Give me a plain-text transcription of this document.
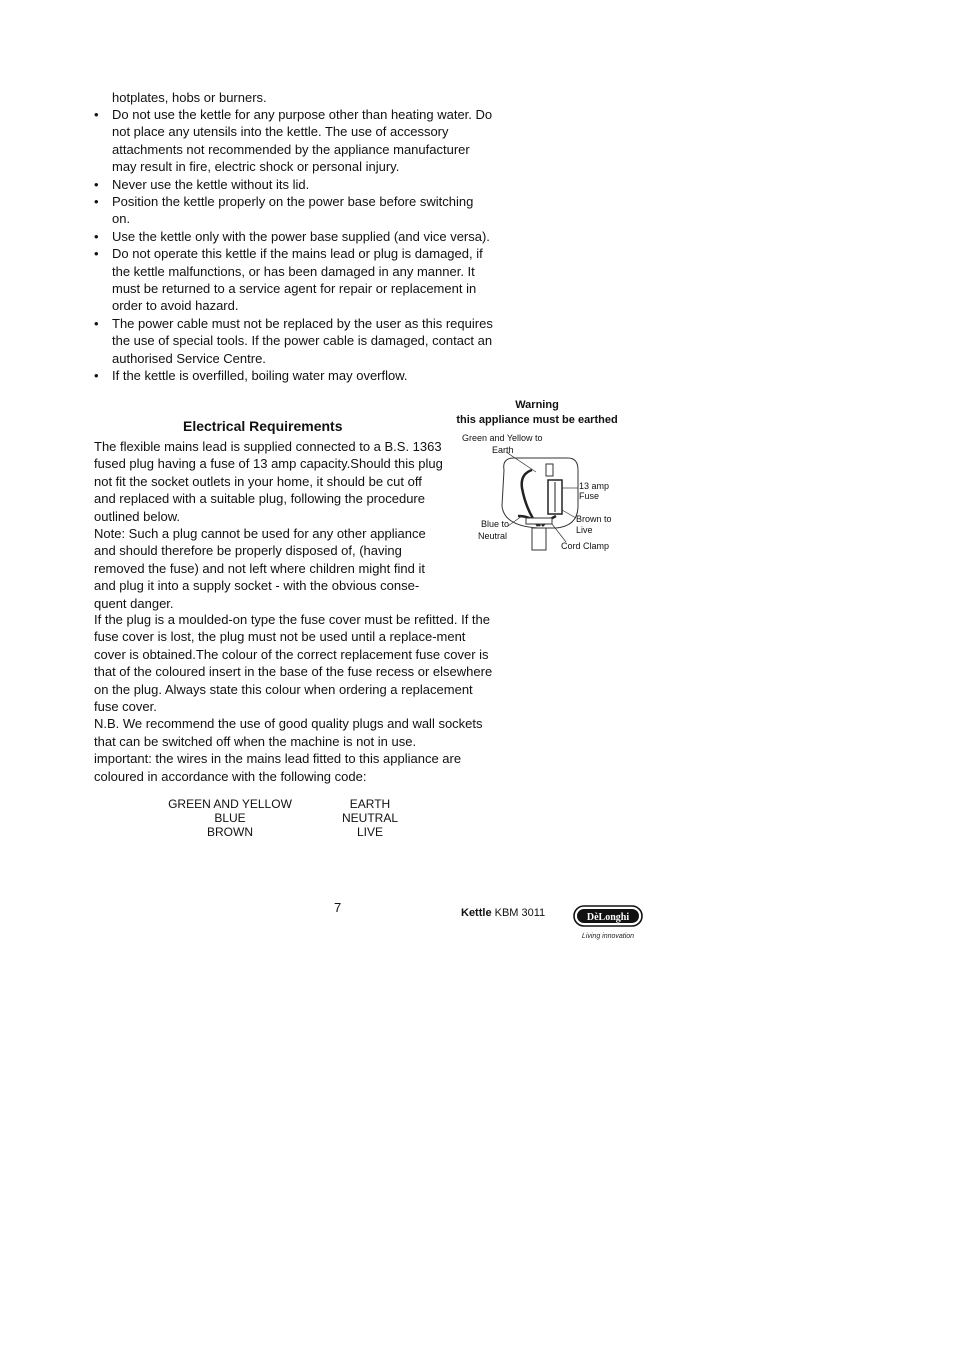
hotplates, hobs or burners.
• Do not use the kettle for any purpose other than heating water. Do not place any utensils into the kettle. The use of accessory attachments not recommended by the appliance manufacturer may result in fire, electric shock or personal injury.
• Never use the kettle without its lid.
• Position the kettle properly on the power base before switching on.
• Use the kettle only with the power base supplied (and vice versa).
• Do not operate this kettle if the mains lead or plug is damaged, if the kettle malfunctions, or has been damaged in any manner. It must be returned to a service agent for repair or replacement in order to avoid hazard.
• The power cable must not be replaced by the user as this requires the use of special tools. If the power cable is damaged, contact an authorised Service Centre.
• If the kettle is overfilled, boiling water may overflow.
Electrical Requirements

The flexible mains lead is supplied connected to a B.S. 1363 fused plug having a fuse of 13 amp capacity.Should this plug not fit the socket outlets in your home, it should be cut off and replaced with a suitable plug, following the procedure outlined below.

Note: Such a plug cannot be used for any other appliance and should therefore be properly disposed of, (having removed the fuse) and not left where children might find it and plug it into a supply socket - with the obvious conse-quent danger.

If the plug is a moulded-on type the fuse cover must be refitted. If the fuse cover is lost, the plug must not be used until a replace-ment cover is obtained.The colour of the correct replacement fuse cover is that of the coloured insert in the base of the fuse recess or elsewhere on the plug. Always state this colour when ordering a replacement fuse cover.

N.B. We recommend the use of good quality plugs and wall sockets that can be switched off when the machine is not in use.

important: the wires in the mains lead fitted to this appliance are coloured in accordance with the following code:

GREEN AND YELLOW
BLUE
BROWN
EARTH
NEUTRAL
LIVE
Warning
this appliance must be earthed
Green and Yellow to
Earth
13 amp
Fuse
Brown to
Live
Blue to
Neutral
Cord Clamp
7	Kettle KBM 3011	DèLonghi
Living innovation
